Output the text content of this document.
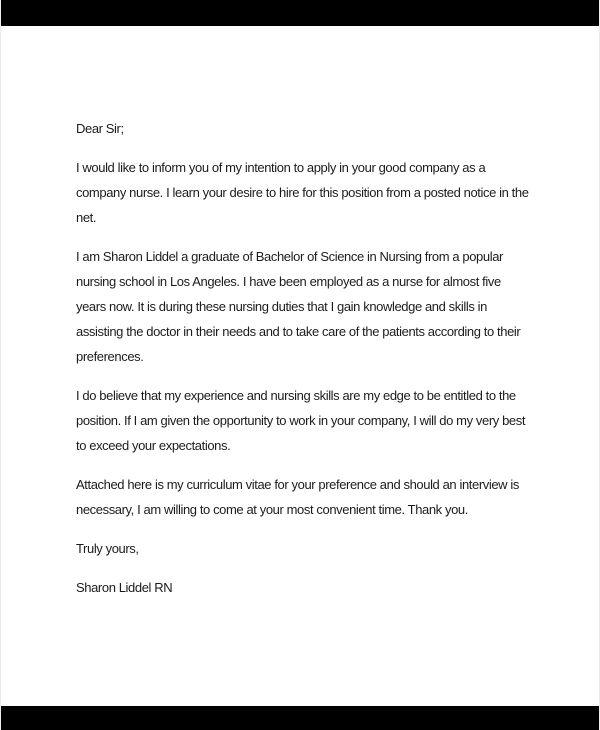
Dear Sir;

I would like to inform you of my intention to apply in your good company as a company nurse. I learn your desire to hire for this position from a posted notice in the net.

I am Sharon Liddel a graduate of Bachelor of Science in Nursing from a popular nursing school in Los Angeles. I have been employed as a nurse for almost five years now. It is during these nursing duties that I gain knowledge and skills in assisting the doctor in their needs and to take care of the patients according to their preferences.

I do believe that my experience and nursing skills are my edge to be entitled to the position. If I am given the opportunity to work in your company, I will do my very best to exceed your expectations.

Attached here is my curriculum vitae for your preference and should an interview is necessary, I am willing to come at your most convenient time. Thank you.

Truly yours,

Sharon Liddel RN
